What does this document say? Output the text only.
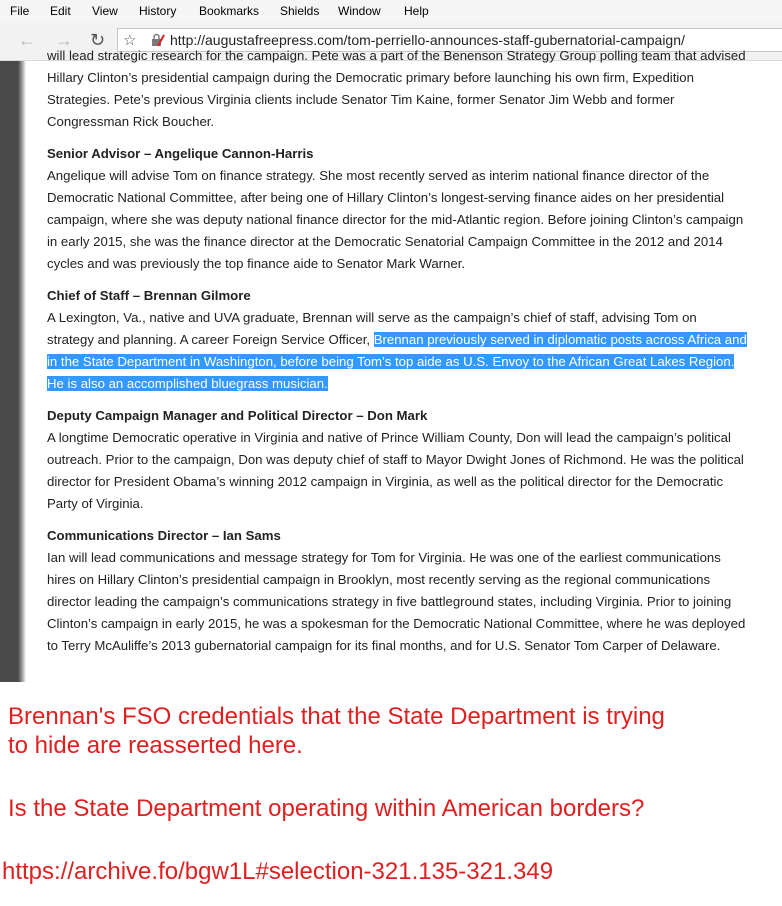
File Edit View History Bookmarks Shields Window Help
← → ↻ ☆ http://augustafreepress.com/tom-perriello-announces-staff-gubernatorial-campaign/

will lead strategic research for the campaign. Pete was a part of the Benenson Strategy Group polling team that advised Hillary Clinton’s presidential campaign during the Democratic primary before launching his own firm, Expedition Strategies. Pete’s previous Virginia clients include Senator Tim Kaine, former Senator Jim Webb and former Congressman Rick Boucher.

Senior Advisor – Angelique Cannon-Harris
Angelique will advise Tom on finance strategy. She most recently served as interim national finance director of the Democratic National Committee, after being one of Hillary Clinton’s longest-serving finance aides on her presidential campaign, where she was deputy national finance director for the mid-Atlantic region. Before joining Clinton’s campaign in early 2015, she was the finance director at the Democratic Senatorial Campaign Committee in the 2012 and 2014 cycles and was previously the top finance aide to Senator Mark Warner.

Chief of Staff – Brennan Gilmore
A Lexington, Va., native and UVA graduate, Brennan will serve as the campaign’s chief of staff, advising Tom on strategy and planning. A career Foreign Service Officer, Brennan previously served in diplomatic posts across Africa and in the State Department in Washington, before being Tom’s top aide as U.S. Envoy to the African Great Lakes Region. He is also an accomplished bluegrass musician.

Deputy Campaign Manager and Political Director – Don Mark
A longtime Democratic operative in Virginia and native of Prince William County, Don will lead the campaign’s political outreach. Prior to the campaign, Don was deputy chief of staff to Mayor Dwight Jones of Richmond. He was the political director for President Obama’s winning 2012 campaign in Virginia, as well as the political director for the Democratic Party of Virginia.

Communications Director – Ian Sams
Ian will lead communications and message strategy for Tom for Virginia. He was one of the earliest communications hires on Hillary Clinton’s presidential campaign in Brooklyn, most recently serving as the regional communications director leading the campaign’s communications strategy in five battleground states, including Virginia. Prior to joining Clinton’s campaign in early 2015, he was a spokesman for the Democratic National Committee, where he was deployed to Terry McAuliffe’s 2013 gubernatorial campaign for its final months, and for U.S. Senator Tom Carper of Delaware.

Brennan's FSO credentials that the State Department is trying
to hide are reasserted here.
Is the State Department operating within American borders?
https://archive.fo/bgw1L#selection-321.135-321.349
